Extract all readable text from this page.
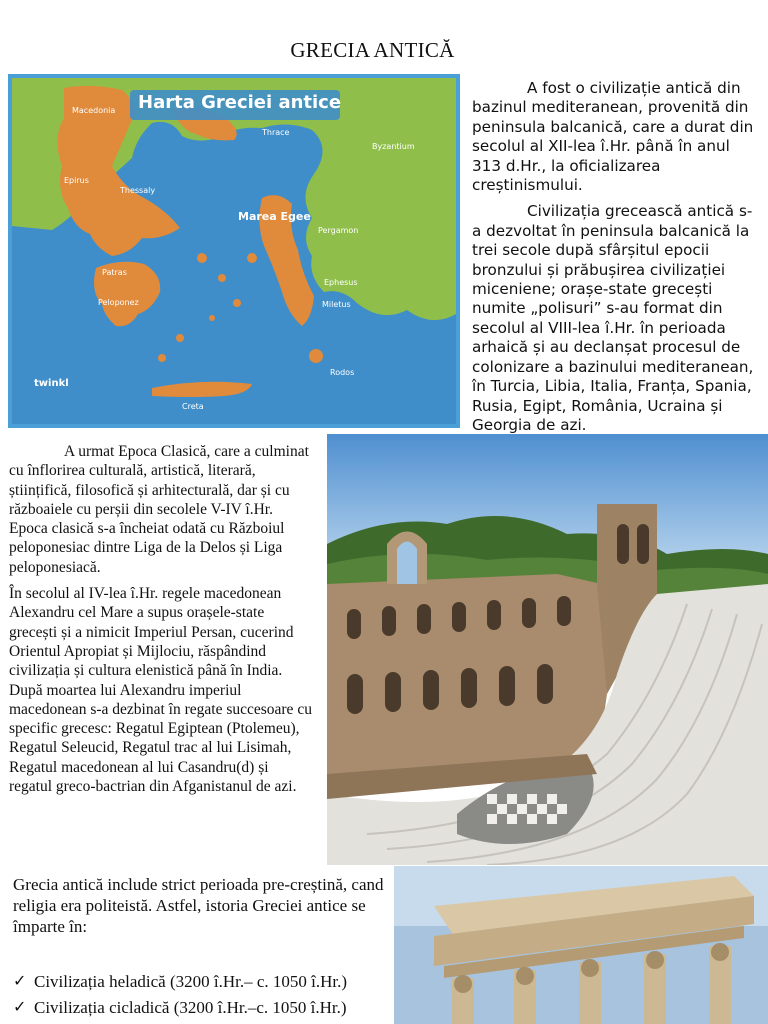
GRECIA ANTICĂ
Harta Greciei antice
Marea Egee
Macedonia
Thrace
Byzantium
Epirus
Thessaly
Pergamon
Patras
Peloponez
Ephesus
Miletus
Rodos
Creta
twinkl

A fost o civilizație antică din bazinul mediteranean, provenită din peninsula balcanică, care a durat din secolul al XII-lea î.Hr. până în anul 313 d.Hr., la oficializarea creștinismului.

Civilizația grecească antică s-a dezvoltat în peninsula balcanică la trei secole după sfârșitul epocii bronzului și prăbușirea civilizației miceniene; orașe-state grecești numite „polisuri” s-au format din secolul al VIII-lea î.Hr. în perioada arhaică și au declanșat procesul de colonizare a bazinului mediteranean, în Turcia, Libia, Italia, Franța, Spania, Rusia, Egipt, România, Ucraina și Georgia de azi.

A urmat Epoca Clasică, care a culminat cu înflorirea culturală, artistică, literară, științifică, filosofică și arhitecturală, dar și cu războaiele cu perșii din secolele V-IV î.Hr. Epoca clasică s-a încheiat odată cu Războiul peloponesiac dintre Liga de la Delos și Liga peloponesiacă.

În secolul al IV-lea î.Hr. regele macedonean Alexandru cel Mare a supus orașele-state grecești și a nimicit Imperiul Persan, cucerind Orientul Apropiat și Mijlociu, răspândind civilizația și cultura elenistică până în India. După moartea lui Alexandru imperiul macedonean s-a dezbinat în regate succesoare cu specific grecesc: Regatul Egiptean (Ptolemeu), Regatul Seleucid, Regatul trac al lui Lisimah, Regatul macedonean al lui Casandru(d) și regatul greco-bactrian din Afganistanul de azi.

Grecia antică include strict perioada pre-creștină, cand religia era politeistă. Astfel, istoria Greciei antice se împarte în:

✓ Civilizația heladică (3200 î.Hr.– c. 1050 î.Hr.)
✓ Civilizația cicladică (3200 î.Hr.–c. 1050 î.Hr.)
